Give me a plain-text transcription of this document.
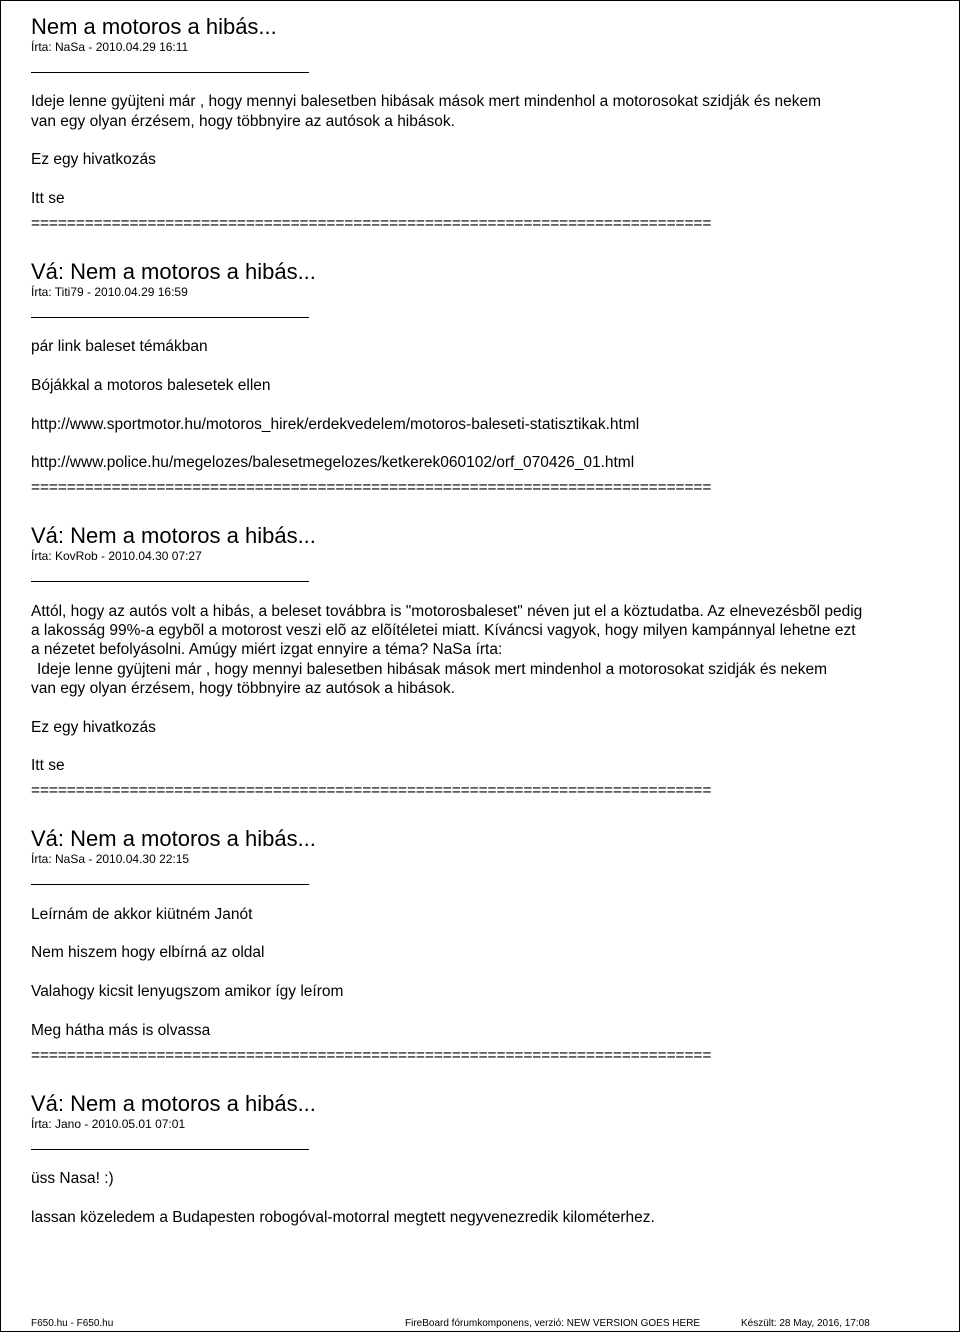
Nem a motoros a hibás...

Írta: NaSa - 2010.04.29 16:11

Ideje lenne gyüjteni már , hogy mennyi balesetben hibásak mások mert mindenhol a motorosokat szidják és nekem

van egy olyan érzésem, hogy többnyire az autósok a hibások.

Ez egy hivatkozás

Itt se

============================================================================

Vá: Nem a motoros a hibás...

Írta: Titi79 - 2010.04.29 16:59

pár link baleset témákban

Bójákkal a motoros balesetek ellen

http://www.sportmotor.hu/motoros_hirek/erdekvedelem/motoros-baleseti-statisztikak.html

http://www.police.hu/megelozes/balesetmegelozes/ketkerek060102/orf_070426_01.html

============================================================================

Vá: Nem a motoros a hibás...

Írta: KovRob - 2010.04.30 07:27

Attól, hogy az autós volt a hibás, a beleset továbbra is "motorosbaleset" néven jut el a köztudatba. Az elnevezésbõl pedig

a lakosság 99%-a egybõl a motorost veszi elõ az elõítéletei miatt. Kíváncsi vagyok, hogy milyen kampánnyal lehetne ezt

a nézetet befolyásolni. Amúgy miért izgat ennyire a téma? NaSa írta:

Ideje lenne gyüjteni már , hogy mennyi balesetben hibásak mások mert mindenhol a motorosokat szidják és nekem

van egy olyan érzésem, hogy többnyire az autósok a hibások.

Ez egy hivatkozás

Itt se

============================================================================

Vá: Nem a motoros a hibás...

Írta: NaSa - 2010.04.30 22:15

Leírnám de akkor kiütném Janót

Nem hiszem hogy elbírná az oldal

Valahogy kicsit lenyugszom amikor így leírom

Meg hátha más is olvassa

============================================================================

Vá: Nem a motoros a hibás...

Írta: Jano - 2010.05.01 07:01

üss Nasa! :)

lassan közeledem a Budapesten robogóval-motorral megtett negyvenezredik kilométerhez.

F650.hu - F650.hu	FireBoard fórumkomponens, verzió: NEW VERSION GOES HERE	Készült: 28 May, 2016, 17:08
